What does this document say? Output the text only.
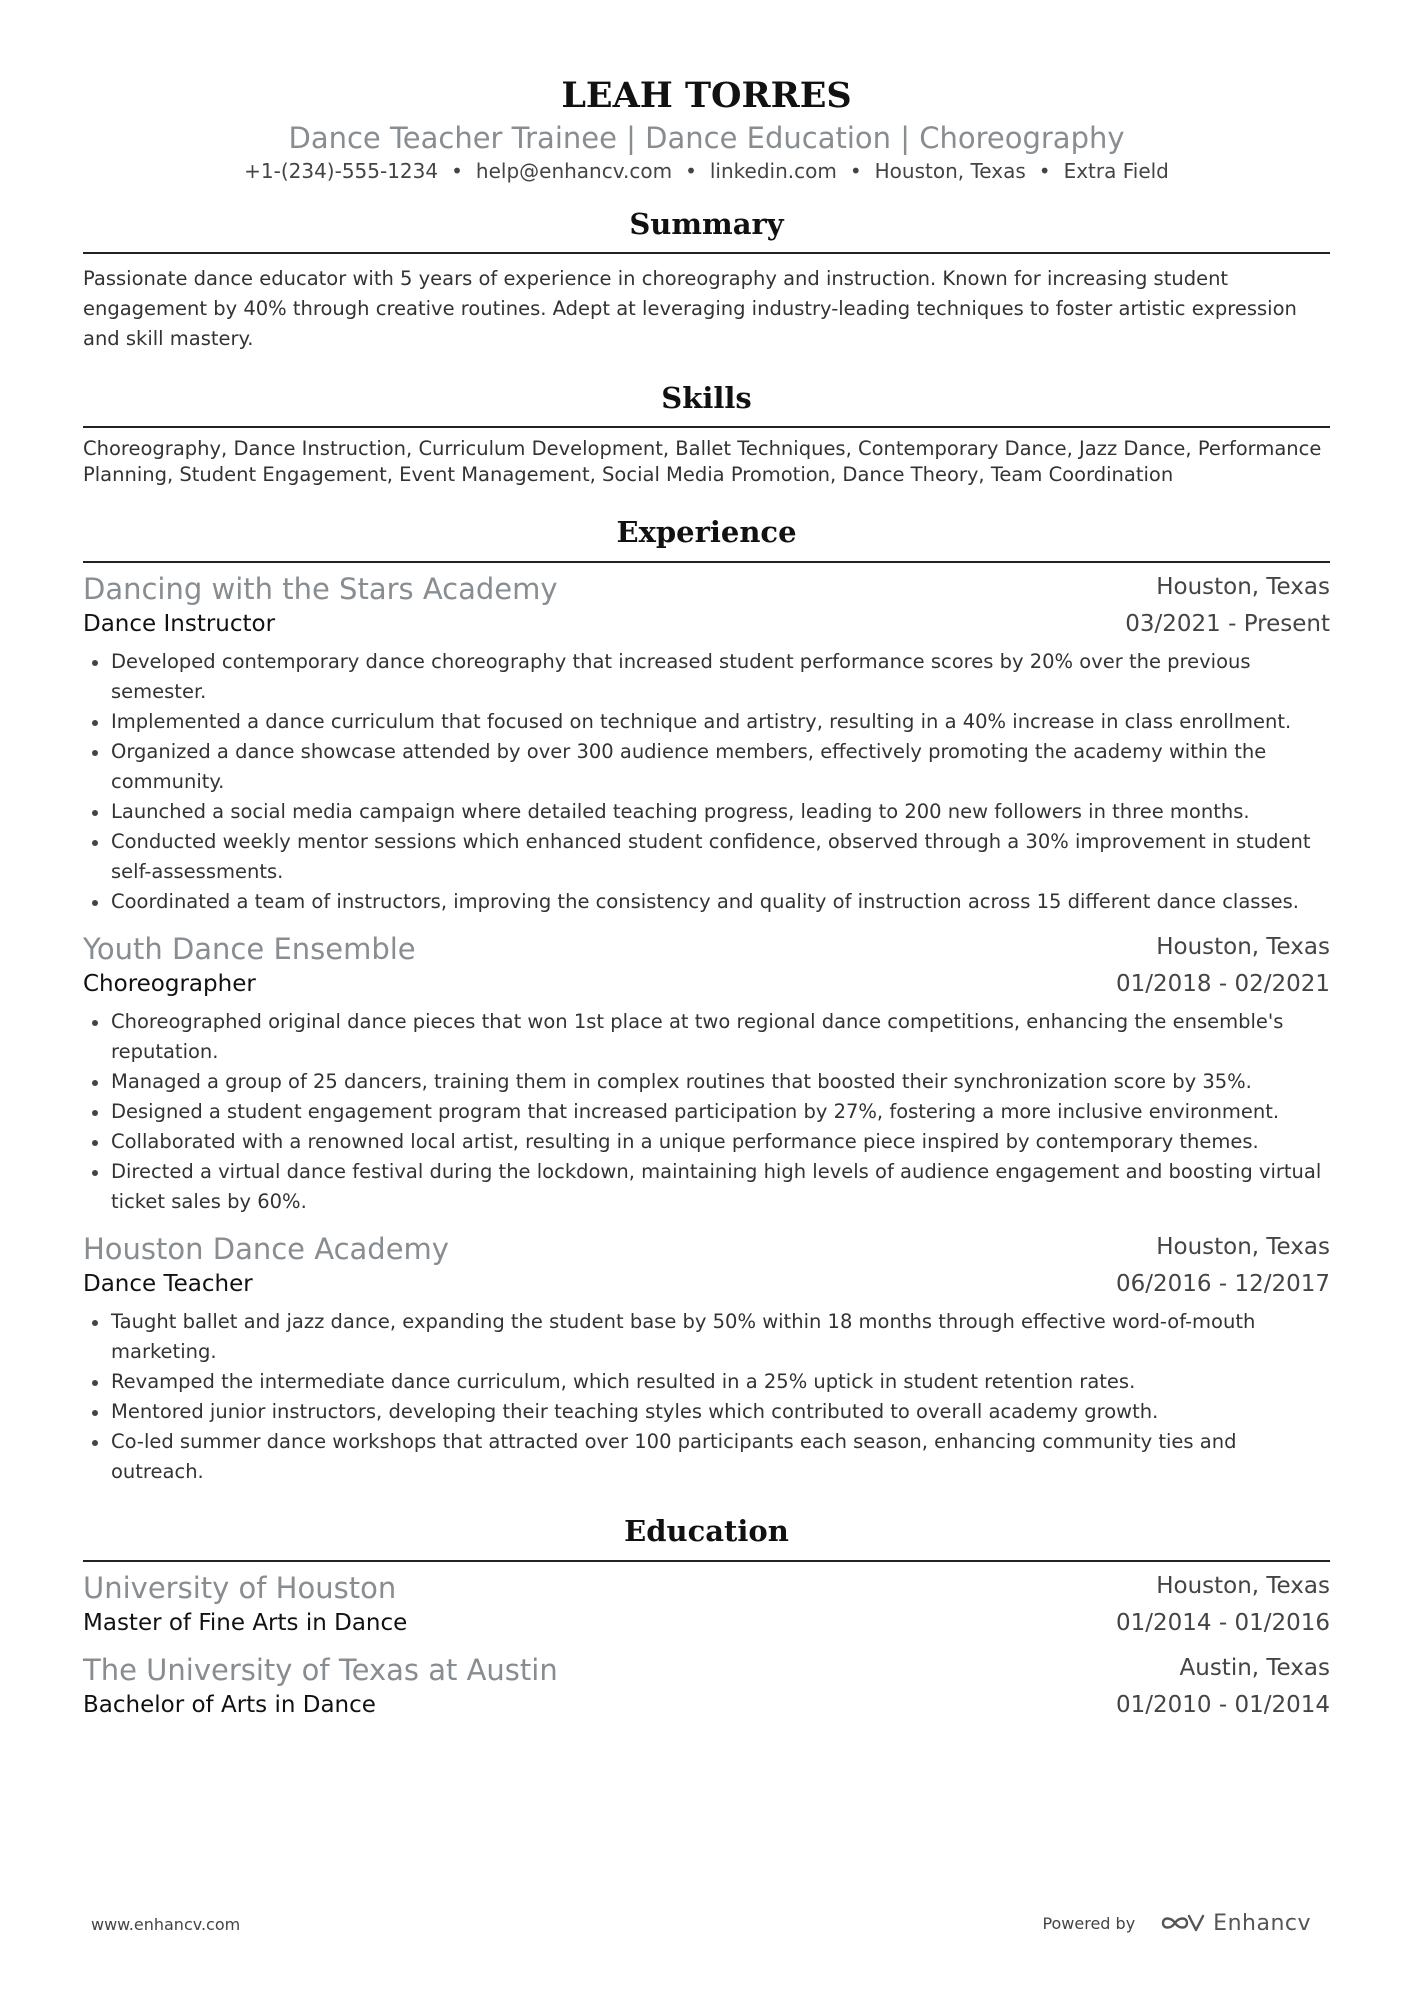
LEAH TORRES
Dance Teacher Trainee | Dance Education | Choreography
+1-(234)-555-1234 • help@enhancv.com • linkedin.com • Houston, Texas • Extra Field
Summary
Passionate dance educator with 5 years of experience in choreography and instruction. Known for increasing student engagement by 40% through creative routines. Adept at leveraging industry-leading techniques to foster artistic expression and skill mastery.
Skills
Choreography, Dance Instruction, Curriculum Development, Ballet Techniques, Contemporary Dance, Jazz Dance, Performance Planning, Student Engagement, Event Management, Social Media Promotion, Dance Theory, Team Coordination
Experience
Dancing with the Stars Academy	Houston, Texas
Dance Instructor	03/2021 - Present
Developed contemporary dance choreography that increased student performance scores by 20% over the previous semester.
Implemented a dance curriculum that focused on technique and artistry, resulting in a 40% increase in class enrollment.
Organized a dance showcase attended by over 300 audience members, effectively promoting the academy within the community.
Launched a social media campaign where detailed teaching progress, leading to 200 new followers in three months.
Conducted weekly mentor sessions which enhanced student confidence, observed through a 30% improvement in student self-assessments.
Coordinated a team of instructors, improving the consistency and quality of instruction across 15 different dance classes.
Youth Dance Ensemble	Houston, Texas
Choreographer	01/2018 - 02/2021
Choreographed original dance pieces that won 1st place at two regional dance competitions, enhancing the ensemble's reputation.
Managed a group of 25 dancers, training them in complex routines that boosted their synchronization score by 35%.
Designed a student engagement program that increased participation by 27%, fostering a more inclusive environment.
Collaborated with a renowned local artist, resulting in a unique performance piece inspired by contemporary themes.
Directed a virtual dance festival during the lockdown, maintaining high levels of audience engagement and boosting virtual ticket sales by 60%.
Houston Dance Academy	Houston, Texas
Dance Teacher	06/2016 - 12/2017
Taught ballet and jazz dance, expanding the student base by 50% within 18 months through effective word-of-mouth marketing.
Revamped the intermediate dance curriculum, which resulted in a 25% uptick in student retention rates.
Mentored junior instructors, developing their teaching styles which contributed to overall academy growth.
Co-led summer dance workshops that attracted over 100 participants each season, enhancing community ties and outreach.
Education
University of Houston	Houston, Texas
Master of Fine Arts in Dance	01/2014 - 01/2016
The University of Texas at Austin	Austin, Texas
Bachelor of Arts in Dance	01/2010 - 01/2014
www.enhancv.com	Powered by	Enhancv
